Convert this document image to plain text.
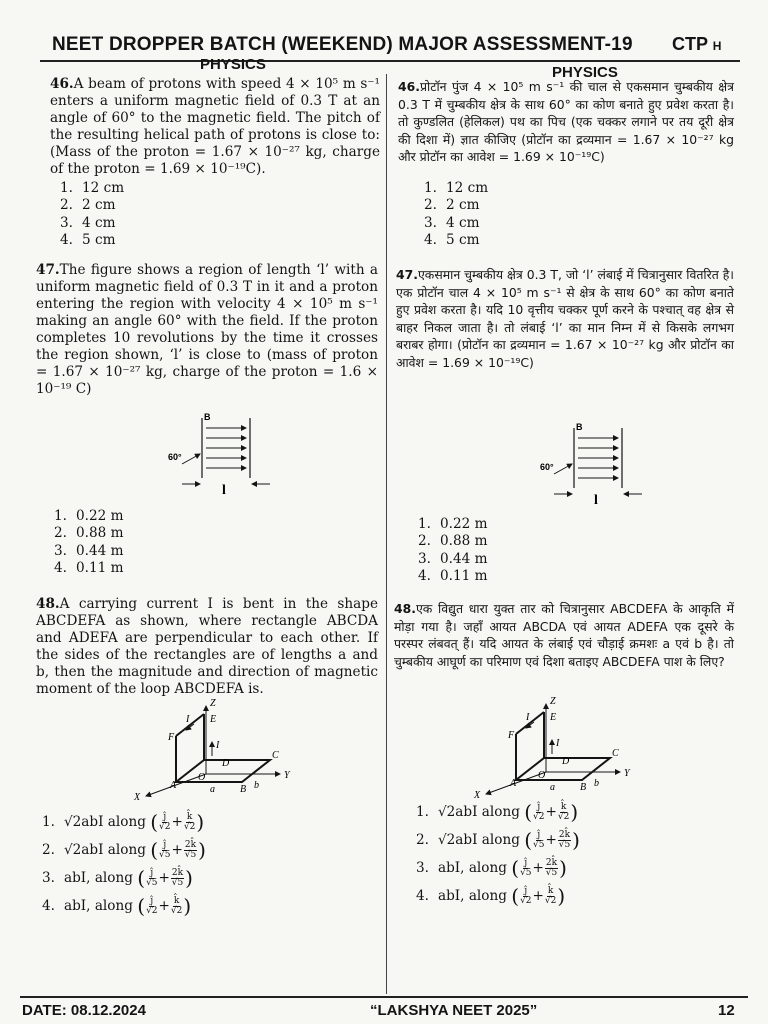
NEET DROPPER BATCH (WEEKEND) MAJOR ASSESSMENT-19 CTP H
PHYSICS	PHYSICS
46.A beam of protons with speed 4 × 10⁵ m s⁻¹ enters a uniform magnetic field of 0.3 T at an angle of 60° to the magnetic field. The pitch of the resulting helical path of protons is close to: (Mass of the proton = 1.67 × 10⁻²⁷ kg, charge of the proton = 1.69 × 10⁻¹⁹C).
1. 12 cm
2. 2 cm
3. 4 cm
4. 5 cm
46.प्रोटॉन पुंज 4 × 10⁵ m s⁻¹ की चाल से एकसमान चुम्बकीय क्षेत्र 0.3 T में चुम्बकीय क्षेत्र के साथ 60° का कोण बनाते हुए प्रवेश करता है। तो कुण्डलित (हेलिकल) पथ का पिच (एक चक्कर लगाने पर तय दूरी क्षेत्र की दिशा में) ज्ञात कीजिए (प्रोटॉन का द्रव्यमान = 1.67 × 10⁻²⁷ kg और प्रोटॉन का आवेश = 1.69 × 10⁻¹⁹C)
1. 12 cm
2. 2 cm
3. 4 cm
4. 5 cm
47.The figure shows a region of length ‘l’ with a uniform magnetic field of 0.3 T in it and a proton entering the region with velocity 4 × 10⁵ m s⁻¹ making an angle 60° with the field. If the proton completes 10 revolutions by the time it crosses the region shown, ‘l’ is close to (mass of proton = 1.67 × 10⁻²⁷ kg, charge of the proton = 1.6 × 10⁻¹⁹ C)
B
60°
l
1. 0.22 m
2. 0.88 m
3. 0.44 m
4. 0.11 m
47.एकसमान चुम्बकीय क्षेत्र 0.3 T, जो ‘l’ लंबाई में चित्रानुसार वितरित है। एक प्रोटॉन चाल 4 × 10⁵ m s⁻¹ से क्षेत्र के साथ 60° का कोण बनाते हुए प्रवेश करता है। यदि 10 वृत्तीय चक्कर पूर्ण करने के पश्चात् वह क्षेत्र से बाहर निकल जाता है। तो लंबाई ‘l’ का मान निम्न में से किसके लगभग बराबर होगा। (प्रोटॉन का द्रव्यमान = 1.67 × 10⁻²⁷ kg और प्रोटॉन का आवेश = 1.69 × 10⁻¹⁹C)
B
60°
l
1. 0.22 m
2. 0.88 m
3. 0.44 m
4. 0.11 m
48.A carrying current I is bent in the shape ABCDEFA as shown, where rectangle ABCDA and ADEFA are perpendicular to each other. If the sides of the rectangles are of lengths a and b, then the magnitude and direction of magnetic moment of the loop ABCDEFA is.
Z
E
F
I
I
D
C
O	Y
b
X
A	B
a
1. √2abI along
( $\frac{ĵ}{√2} + \frac{k̂}{√2}$ )
2. √2abI along
( $\frac{ĵ}{√5} + \frac{2k̂}{√5}$ )
3. abI, along
( $\frac{ĵ}{√5} + \frac{2k̂}{√5}$ )
4. abI, along
( $\frac{ĵ}{√2} + \frac{k̂}{√2}$ )
48.एक विद्युत धारा युक्त तार को चित्रानुसार ABCDEFA के आकृति में मोड़ा गया है। जहाँ आयत ABCDA एवं आयत ADEFA एक दूसरे के परस्पर लंबवत् हैं। यदि आयत के लंबाई एवं चौड़ाई क्रमशः a एवं b है। तो चुम्बकीय आघूर्ण का परिमाण एवं दिशा बताइए ABCDEFA पाश के लिए?
Z
E
F
I
I
D
C
O	Y
b
X
A	B
a
1. √2abI along
( $\frac{ĵ}{√2} + \frac{k̂}{√2}$ )
2. √2abI along
( $\frac{ĵ}{√5} + \frac{2k̂}{√5}$ )
3. abI, along
( $\frac{ĵ}{√5} + \frac{2k̂}{√5}$ )
4. abI, along
( $\frac{ĵ}{√2} + \frac{k̂}{√2}$ )
DATE: 08.12.2024	“LAKSHYA NEET 2025”	12
